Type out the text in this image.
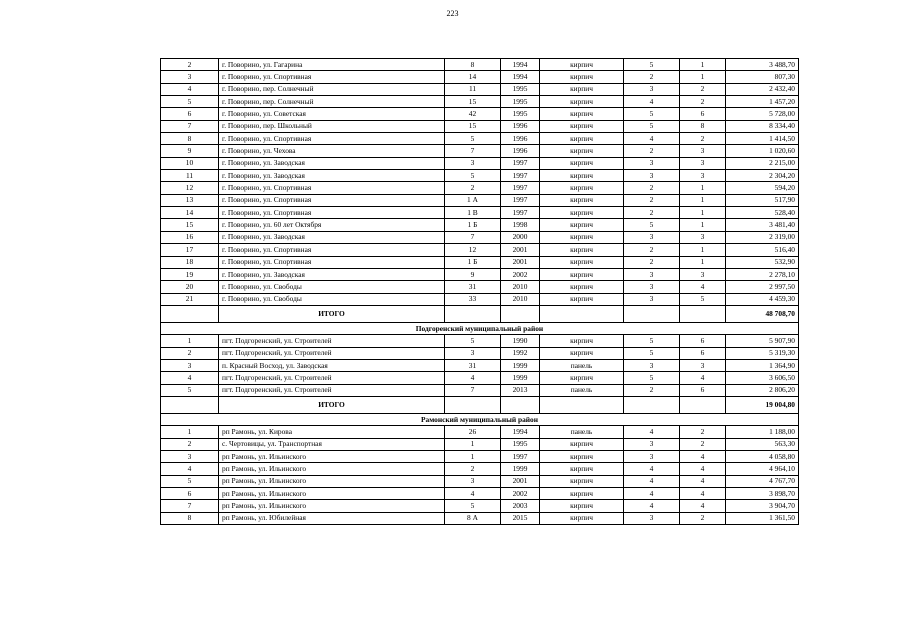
223
2	г. Поворино, ул. Гагарина	8	1994	кирпич	5	1	3 488,70
3	г. Поворино, ул. Спортивная	14	1994	кирпич	2	1	807,30
4	г. Поворино, пер. Солнечный	11	1995	кирпич	3	2	2 432,40
5	г. Поворино, пер. Солнечный	15	1995	кирпич	4	2	1 457,20
6	г. Поворино, ул. Советская	42	1995	кирпич	5	6	5 728,00
7	г. Поворино, пер. Школьный	15	1996	кирпич	5	8	8 334,40
8	г. Поворино, ул. Спортивная	5	1996	кирпич	4	2	1 414,50
9	г. Поворино, ул. Чехова	7	1996	кирпич	2	3	1 020,60
10	г. Поворино, ул. Заводская	3	1997	кирпич	3	3	2 215,00
11	г. Поворино, ул. Заводская	5	1997	кирпич	3	3	2 304,20
12	г. Поворино, ул. Спортивная	2	1997	кирпич	2	1	594,20
13	г. Поворино, ул. Спортивная	1 А	1997	кирпич	2	1	517,90
14	г. Поворино, ул. Спортивная	1 В	1997	кирпич	2	1	528,40
15	г. Поворино, ул. 60 лет Октября	1 Б	1998	кирпич	5	1	3 481,40
16	г. Поворино, ул. Заводская	7	2000	кирпич	3	3	2 319,00
17	г. Поворино, ул. Спортивная	12	2001	кирпич	2	1	516,40
18	г. Поворино, ул. Спортивная	1 Б	2001	кирпич	2	1	532,90
19	г. Поворино, ул. Заводская	9	2002	кирпич	3	3	2 278,10
20	г. Поворино, ул. Свободы	31	2010	кирпич	3	4	2 997,50
21	г. Поворино, ул. Свободы	33	2010	кирпич	3	5	4 459,30
	ИТОГО						48 708,70
Подгоренский муниципальный район							
1	пгт. Подгоренский, ул. Строителей	5	1990	кирпич	5	6	5 907,90
2	пгт. Подгоренский, ул. Строителей	3	1992	кирпич	5	6	5 319,30
3	п. Красный Восход, ул. Заводская	31	1999	панель	3	3	1 364,90
4	пгт. Подгоренский, ул. Строителей	4	1999	кирпич	5	4	3 606,50
5	пгт. Подгоренский, ул. Строителей	7	2013	панель	2	6	2 806,20
	ИТОГО						19 004,80
Рамонский муниципальный район							
1	рп Рамонь, ул. Кирова	26	1994	панель	4	2	1 188,00
2	с. Чертовицы, ул. Транспортная	1	1995	кирпич	3	2	563,30
3	рп Рамонь, ул. Ильинского	1	1997	кирпич	3	4	4 058,80
4	рп Рамонь, ул. Ильинского	2	1999	кирпич	4	4	4 964,10
5	рп Рамонь, ул. Ильинского	3	2001	кирпич	4	4	4 767,70
6	рп Рамонь, ул. Ильинского	4	2002	кирпич	4	4	3 898,70
7	рп Рамонь, ул. Ильинского	5	2003	кирпич	4	4	3 904,70
8	рп Рамонь, ул. Юбилейная	8 А	2015	кирпич	3	2	1 361,50
